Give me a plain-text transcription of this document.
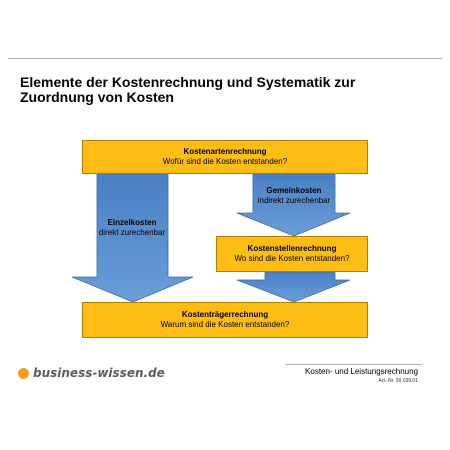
Elemente der Kostenrechnung und Systematik zur Zuordnung von Kosten
Kostenartenrechnung
Wofür sind die Kosten entstanden?
Kostenstellenrechnung
Wo sind die Kosten entstanden?
Kostenträgerrechnung
Warum sind die Kosten entstanden?
Einzelkosten
direkt zurechenbar
Gemeinkosten
indirekt zurechenbar
business-wissen.de	Kosten- und Leistungsrechnung
Art.-Nr. 99.039.01
